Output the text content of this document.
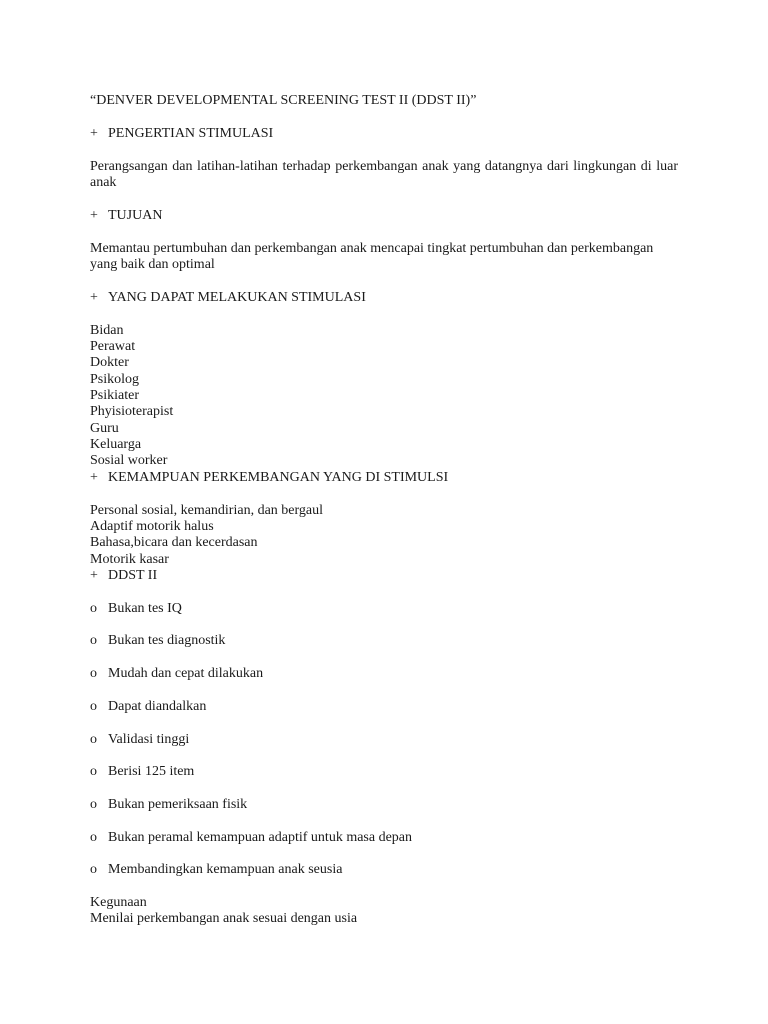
“DENVER DEVELOPMENTAL SCREENING TEST II (DDST II)”
+ PENGERTIAN STIMULASI
Perangsangan dan latihan-latihan terhadap perkembangan anak yang datangnya dari lingkungan di luar anak
+ TUJUAN
Memantau pertumbuhan dan perkembangan anak mencapai tingkat pertumbuhan dan perkembangan yang baik dan optimal
+ YANG DAPAT MELAKUKAN STIMULASI
Bidan
Perawat
Dokter
Psikolog
Psikiater
Phyisioterapist
Guru
Keluarga
Sosial worker
+ KEMAMPUAN PERKEMBANGAN YANG DI STIMULSI
Personal sosial, kemandirian, dan bergaul
Adaptif motorik halus
Bahasa,bicara dan kecerdasan
Motorik kasar
+ DDST II
o Bukan tes IQ
o Bukan tes diagnostik
o Mudah dan cepat dilakukan
o Dapat diandalkan
o Validasi tinggi
o Berisi 125 item
o Bukan pemeriksaan fisik
o Bukan peramal kemampuan adaptif untuk masa depan
o Membandingkan kemampuan anak seusia
Kegunaan
Menilai perkembangan anak sesuai dengan usia
